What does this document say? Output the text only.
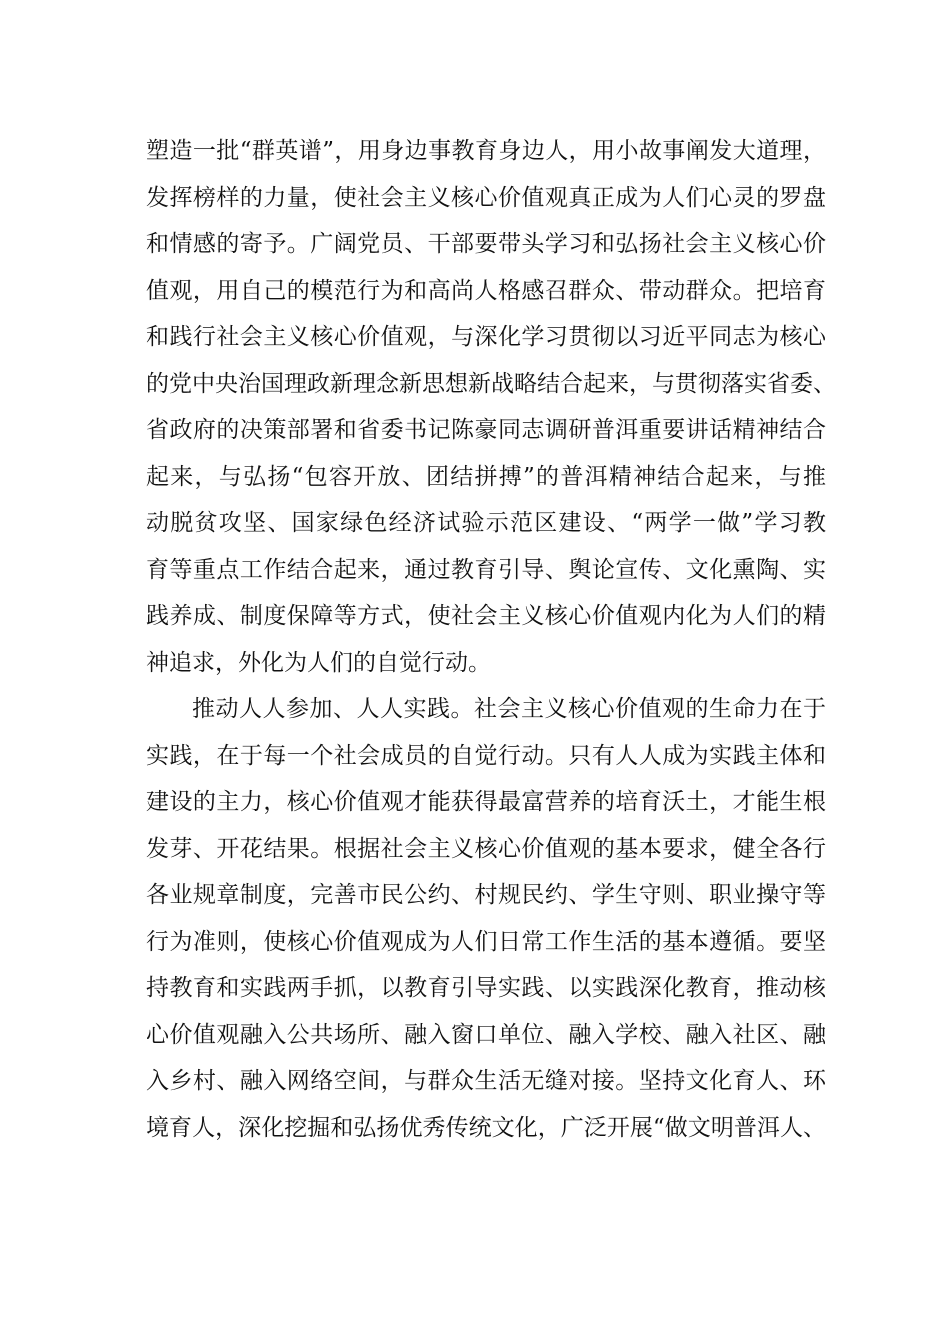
塑造一批“群英谱”，用身边事教育身边人，用小故事阐发大道理，
发挥榜样的力量，使社会主义核心价值观真正成为人们心灵的罗盘
和情感的寄予。广阔党员、干部要带头学习和弘扬社会主义核心价
值观，用自己的模范行为和高尚人格感召群众、带动群众。把培育
和践行社会主义核心价值观，与深化学习贯彻以习近平同志为核心
的党中央治国理政新理念新思想新战略结合起来，与贯彻落实省委、
省政府的决策部署和省委书记陈豪同志调研普洱重要讲话精神结合
起来，与弘扬“包容开放、团结拼搏”的普洱精神结合起来，与推
动脱贫攻坚、国家绿色经济试验示范区建设、“两学一做”学习教
育等重点工作结合起来，通过教育引导、舆论宣传、文化熏陶、实
践养成、制度保障等方式，使社会主义核心价值观内化为人们的精
神追求，外化为人们的自觉行动。
推动人人参加、人人实践。社会主义核心价值观的生命力在于
实践，在于每一个社会成员的自觉行动。只有人人成为实践主体和
建设的主力，核心价值观才能获得最富营养的培育沃土，才能生根
发芽、开花结果。根据社会主义核心价值观的基本要求，健全各行
各业规章制度，完善市民公约、村规民约、学生守则、职业操守等
行为准则，使核心价值观成为人们日常工作生活的基本遵循。要坚
持教育和实践两手抓，以教育引导实践、以实践深化教育，推动核
心价值观融入公共场所、融入窗口单位、融入学校、融入社区、融
入乡村、融入网络空间，与群众生活无缝对接。坚持文化育人、环
境育人，深化挖掘和弘扬优秀传统文化，广泛开展“做文明普洱人、
